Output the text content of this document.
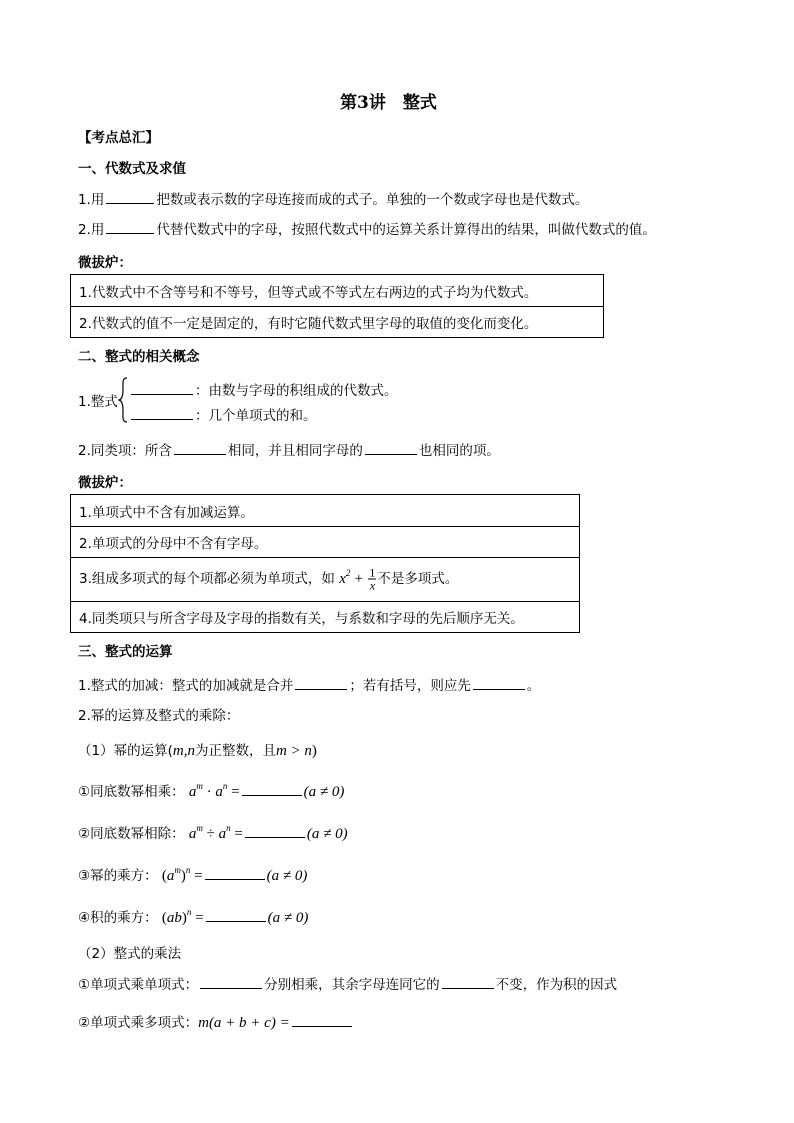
第3讲　整式
【考点总汇】
一、代数式及求值
1.用	把数或表示数的字母连接而成的式子。单独的一个数或字母也是代数式。
2.用	代替代数式中的字母，按照代数式中的运算关系计算得出的结果，叫做代数式的值。
微拔炉：
1.代数式中不含等号和不等号，但等式或不等式左右两边的式子均为代数式。
2.代数式的值不一定是固定的，有时它随代数式里字母的取值的变化而变化。
二、整式的相关概念
1.整式
：由数与字母的积组成的代数式。
：几个单项式的和。
2.同类项：所含	相同，并且相同字母的	也相同的项。
微拔炉：
1.单项式中不含有加减运算。
2.单项式的分母中不含有字母。
3.组成多项式的每个项都必须为单项式，如 $x^2 + \frac{1}{x}$ 不是多项式。
4.同类项只与所含字母及字母的指数有关，与系数和字母的先后顺序无关。
三、整式的运算
1.整式的加减：整式的加减就是合并	；若有括号，则应先	。
2.幂的运算及整式的乘除：
（1）幂的运算(m,n为正整数，且m > n)
①同底数幂相乘： $a^m \cdot a^n$ =	(a ≠ 0)
②同底数幂相除： $a^m \div a^n$ =	(a ≠ 0)
③幂的乘方： $(a^m)^n$ =	(a ≠ 0)
④积的乘方： (ab)$^n$ =	(a ≠ 0)
（2）整式的乘法
①单项式乘单项式：	分别相乘，其余字母连同它的	不变，作为积的因式
②单项式乘多项式：m(a + b + c) =
